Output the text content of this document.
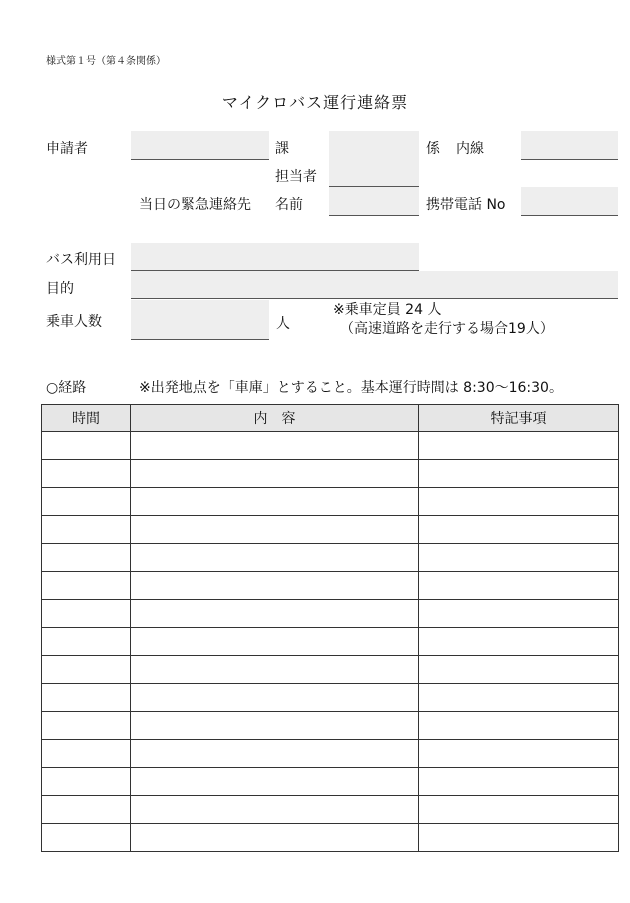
様式第１号（第４条関係）
マイクロバス運行連絡票
申請者	課	係 内線
担当者
当日の緊急連絡先 名前	携帯電話 No
バス利用日
目的
乗車人数	人
※乗車定員 24 人
（高速道路を走行する場合19人）
○経路	※出発地点を「車庫」とすること。基本運行時間は 8:30～16:30。
時間	内　容	特記事項
